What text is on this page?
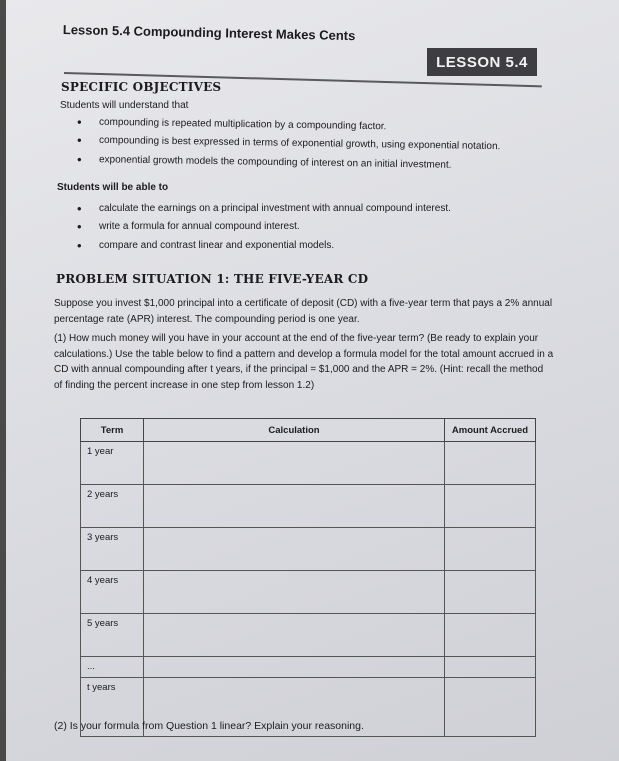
Lesson 5.4 Compounding Interest Makes Cents
LESSON 5.4
SPECIFIC OBJECTIVES
Students will understand that
• compounding is repeated multiplication by a compounding factor.
• compounding is best expressed in terms of exponential growth, using exponential notation.
• exponential growth models the compounding of interest on an initial investment.
Students will be able to
• calculate the earnings on a principal investment with annual compound interest.
• write a formula for annual compound interest.
• compare and contrast linear and exponential models.
PROBLEM SITUATION 1: THE FIVE-YEAR CD

Suppose you invest $1,000 principal into a certificate of deposit (CD) with a five-year term that pays a 2% annual percentage rate (APR) interest. The compounding period is one year.

(1) How much money will you have in your account at the end of the five-year term? (Be ready to explain your calculations.) Use the table below to find a pattern and develop a formula model for the total amount accrued in a CD with annual compounding after t years, if the principal = $1,000 and the APR = 2%. (Hint: recall the method of finding the percent increase in one step from lesson 1.2)

Term	Calculation	Amount Accrued
1 year		
2 years		
3 years		
4 years		
5 years		
...		
t years		
(2) Is your formula from Question 1 linear? Explain your reasoning.
